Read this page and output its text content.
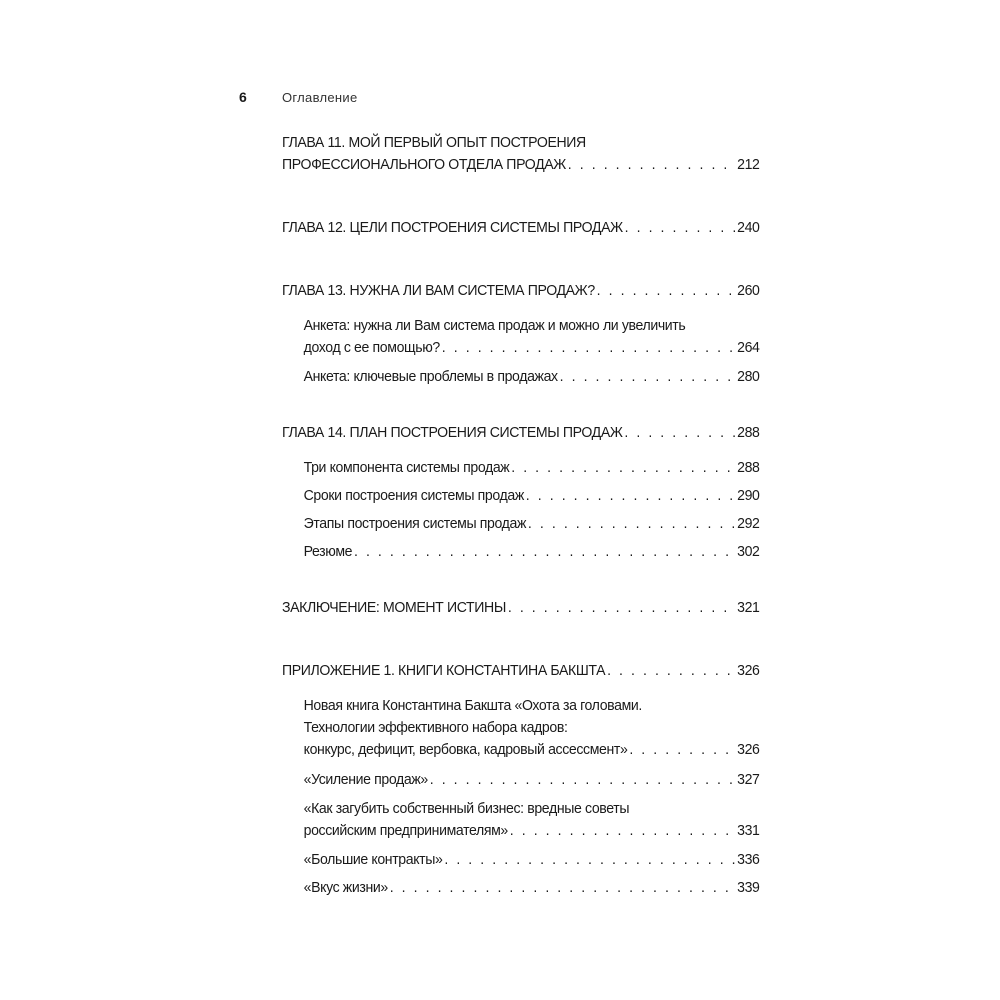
6	Оглавление
ГЛАВА 11. МОЙ ПЕРВЫЙ ОПЫТ ПОСТРОЕНИЯ
ПРОФЕССИОНАЛЬНОГО ОТДЕЛА ПРОДАЖ . . .	212
ГЛАВА 12. ЦЕЛИ ПОСТРОЕНИЯ СИСТЕМЫ ПРОДАЖ . . .	240
ГЛАВА 13. НУЖНА ЛИ ВАМ СИСТЕМА ПРОДАЖ? . . .	260
Анкета: нужна ли Вам система продаж и можно ли увеличить
доход с ее помощью? . . .	264
Анкета: ключевые проблемы в продажах . . .	280
ГЛАВА 14. ПЛАН ПОСТРОЕНИЯ СИСТЕМЫ ПРОДАЖ . . .	288
Три компонента системы продаж . . .	288
Сроки построения системы продаж . . .	290
Этапы построения системы продаж . . .	292
Резюме . . .	302
ЗАКЛЮЧЕНИЕ: МОМЕНТ ИСТИНЫ . . .	321
ПРИЛОЖЕНИЕ 1. КНИГИ КОНСТАНТИНА БАКШТА . . .	326
Новая книга Константина Бакшта «Охота за головами.
Технологии эффективного набора кадров:
конкурс, дефицит, вербовка, кадровый ассессмент» . . .	326
«Усиление продаж» . . .	327
«Как загубить собственный бизнес: вредные советы
российским предпринимателям» . . .	331
«Большие контракты» . . .	336
«Вкус жизни» . . .	339
